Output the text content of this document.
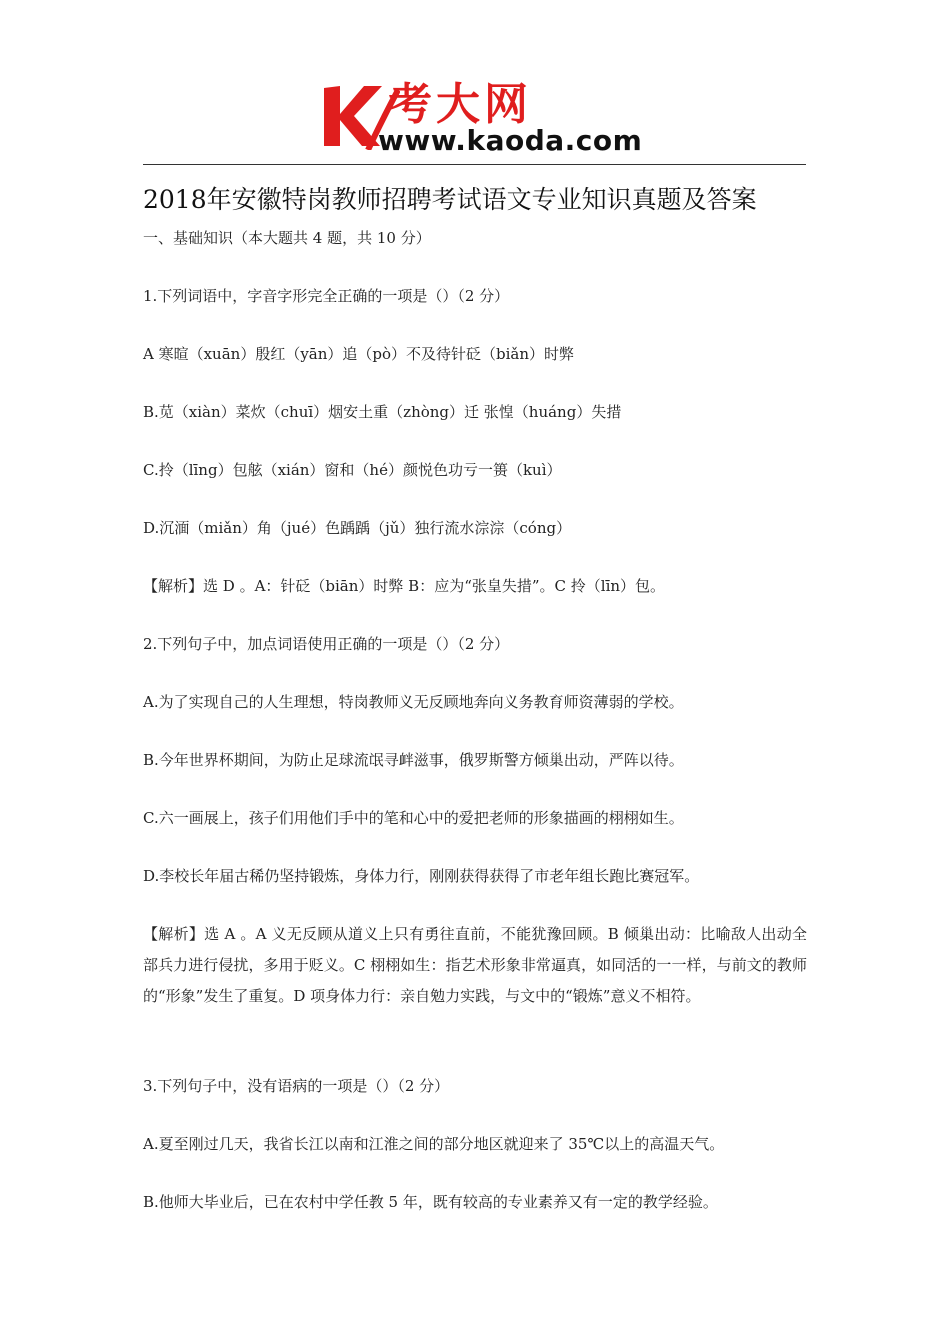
考大网
www.kaoda.com
2018年安徽特岗教师招聘考试语文专业知识真题及答案
一、基础知识（本大题共 4 题，共 10 分）
1.下列词语中，字音字形完全正确的一项是（）（2 分）
A 寒暄（xuān）殷红（yān）追（pò）不及待针砭（biǎn）时弊
B.苋（xiàn）菜炊（chuī）烟安土重（zhòng）迁 张惶（huáng）失措
C.拎（līng）包舷（xián）窗和（hé）颜悦色功亏一篑（kuì）
D.沉湎（miǎn）角（jué）色踽踽（jǔ）独行流水淙淙（cóng）
【解析】选 D 。A：针砭（biān）时弊 B：应为“张皇失措”。C 拎（līn）包。
2.下列句子中，加点词语使用正确的一项是（）（2 分）
A.为了实现自己的人生理想，特岗教师义无反顾地奔向义务教育师资薄弱的学校。
B.今年世界杯期间，为防止足球流氓寻衅滋事，俄罗斯警方倾巢出动，严阵以待。
C.六一画展上，孩子们用他们手中的笔和心中的爱把老师的形象描画的栩栩如生。
D.李校长年届古稀仍坚持锻炼，身体力行，刚刚获得获得了市老年组长跑比赛冠军。
【解析】选 A 。A 义无反顾从道义上只有勇往直前，不能犹豫回顾。B 倾巢出动：比喻敌人出动全部兵力进行侵扰，多用于贬义。C 栩栩如生：指艺术形象非常逼真，如同活的一一样，与前文的教师的“形象”发生了重复。D 项身体力行：亲自勉力实践，与文中的“锻炼”意义不相符。
3.下列句子中，没有语病的一项是（）（2 分）
A.夏至刚过几天，我省长江以南和江淮之间的部分地区就迎来了 35℃以上的高温天气。
B.他师大毕业后，已在农村中学任教 5 年，既有较高的专业素养又有一定的教学经验。
